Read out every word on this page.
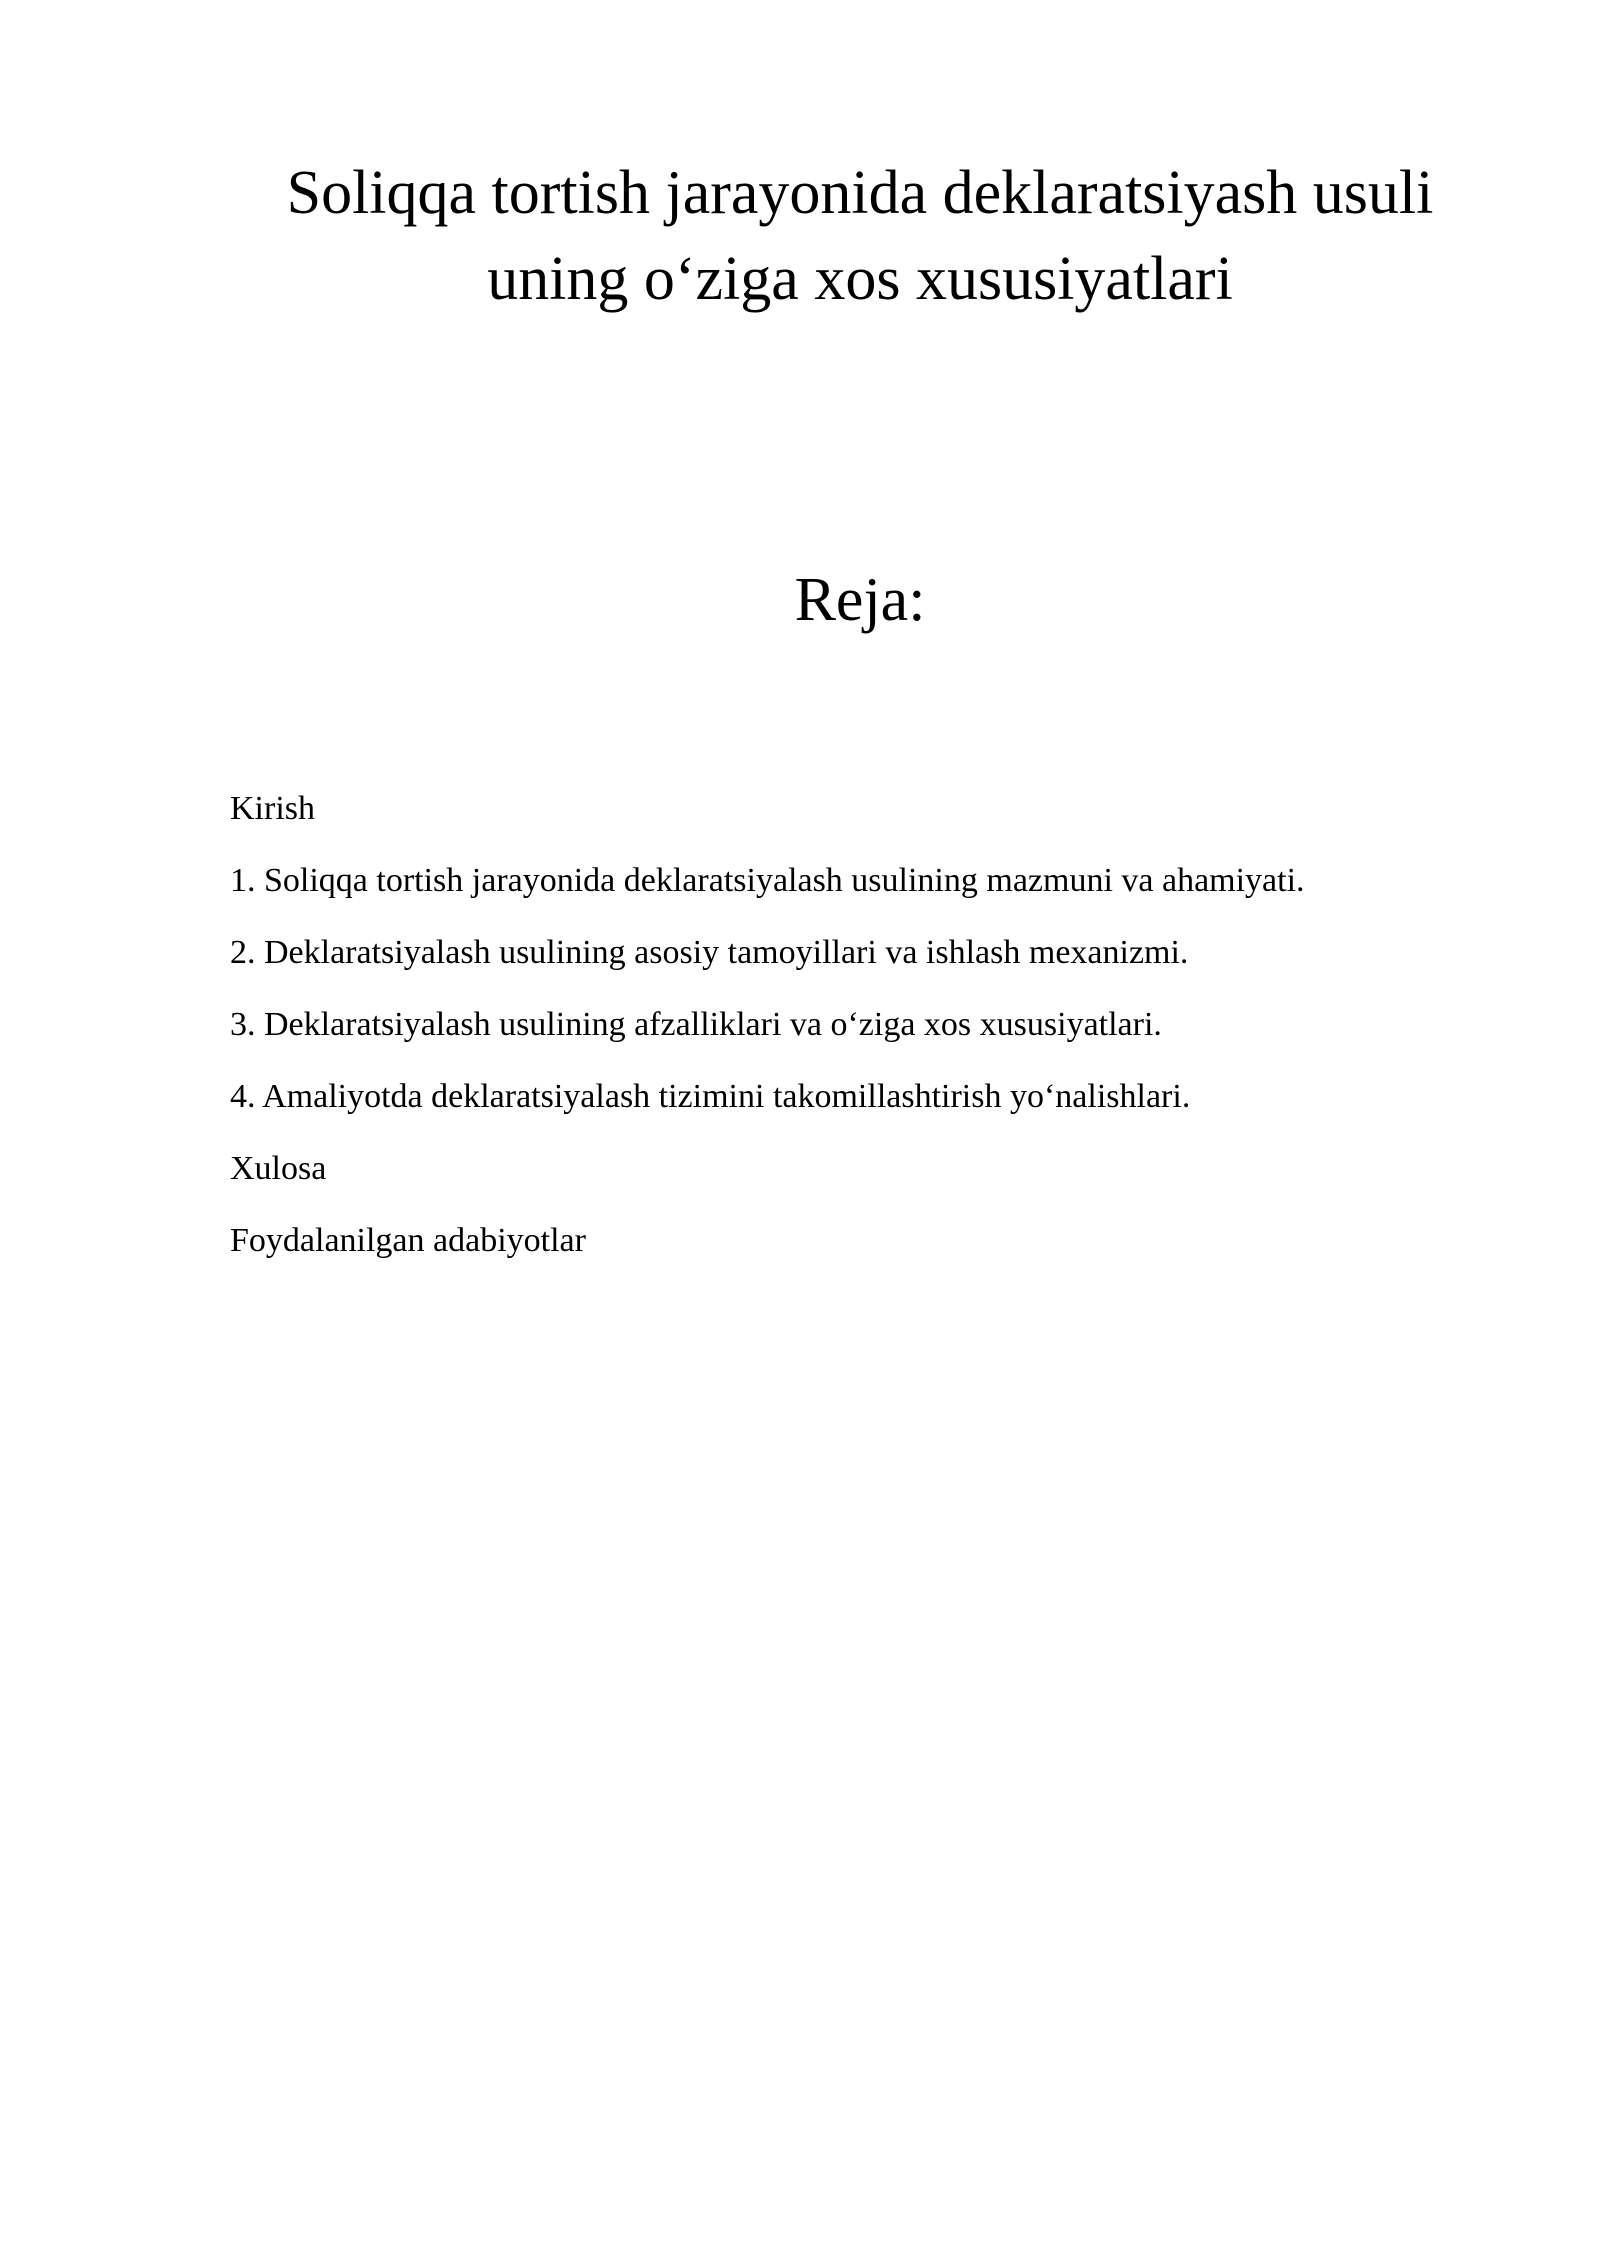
Soliqqa tortish jarayonida deklaratsiyash usuli
uning o‘ziga xos xususiyatlari
Reja:
Kirish
1. Soliqqa tortish jarayonida deklaratsiyalash usulining mazmuni va ahamiyati.
2. Deklaratsiyalash usulining asosiy tamoyillari va ishlash mexanizmi.
3. Deklaratsiyalash usulining afzalliklari va o‘ziga xos xususiyatlari.
4. Amaliyotda deklaratsiyalash tizimini takomillashtirish yo‘nalishlari.
Xulosa
Foydalanilgan adabiyotlar
